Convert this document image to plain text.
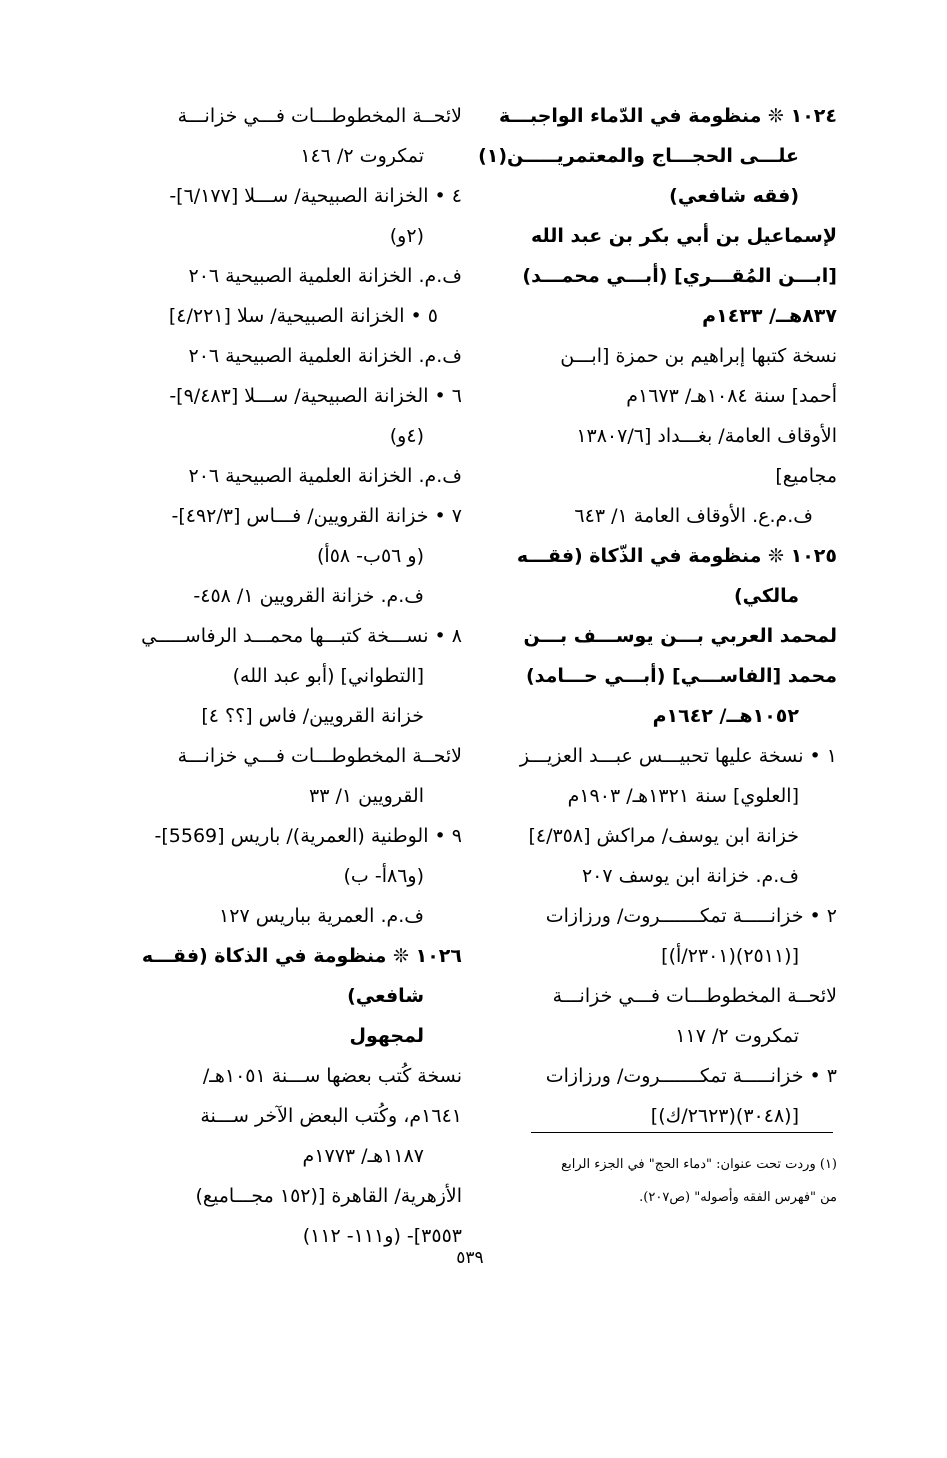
١٠٢٤ ❊ منظومة في الدّماء الواجبـــة
علـــى الحجـــاج والمعتمريـــــن(١)
(فقه شافعي)
لإسماعيل بن أبي بكر بن عبد الله
[ابـــن المُقـــري] (أبـــي محمـــد)
٨٣٧هــ/ ١٤٣٣م
نسخة كتبها إبراهيم بن حمزة [ابـــن
أحمد] سنة ١٠٨٤هـ/ ١٦٧٣م
الأوقاف العامة/ بغـــداد [١٣٨٠٧/٦
مجاميع]
ف.م.ع. الأوقاف العامة ١/ ٦٤٣
١٠٢٥ ❊ منظومة في الذّكاة (فقـــه
مالكي)
لمحمد العربي بـــن يوســـف بـــن
محمد [الفاســـي] (أبـــي حـــامد)
١٠٥٢هــ/ ١٦٤٢م
١ • نسخة عليها تحبيـــس عبـــد العزيـــز
[العلوي] سنة ١٣٢١هـ/ ١٩٠٣م
خزانة ابن يوسف/ مراكش [٤/٣٥٨]
ف.م. خزانة ابن يوسف ٢٠٧
٢ • خزانـــــة تمكـــــــروت/ ورزازات
[(٢٥١١)(٢٣٠١/أ)]
لائحــة المخطوطـــات فـــي خزانـــة
تمكروت ٢/ ١١٧
٣ • خزانـــــة تمكـــــــروت/ ورزازات
[(٣٠٤٨)(٢٦٢٣/ك)]
لائحــة المخطوطـــات فـــي خزانـــة
تمكروت ٢/ ١٤٦
٤ • الخزانة الصبيحية/ ســـلا [٦/١٧٧]-
(٢و)
ف.م. الخزانة العلمية الصبيحية ٢٠٦
٥ • الخزانة الصبيحية/ سلا [٤/٢٢١]
ف.م. الخزانة العلمية الصبيحية ٢٠٦
٦ • الخزانة الصبيحية/ ســـلا [٩/٤٨٣]-
(٤و)
ف.م. الخزانة العلمية الصبيحية ٢٠٦
٧ • خزانة القرويين/ فـــاس [٤٩٢/٣]-
(و ٥٦ب- ٥٨أ)
ف.م. خزانة القرويين ١/ ٤٥٨-
٨ • نســـخة كتبـــها محمـــد الرفاســـــي
[التطواني] (أبو عبد الله)
خزانة القرويين/ فاس [؟؟ ٤]
لائحــة المخطوطـــات فـــي خزانـــة
القرويين ١/ ٣٣
٩ • الوطنية (العمرية)/ باريس [5569]-
(و٨٦أ- ب)
ف.م. العمرية بباريس ١٢٧
١٠٢٦ ❊ منظومة في الذكاة (فقـــه
شافعي)
لمجهول
نسخة كُتب بعضها ســـنة ١٠٥١هـ/
١٦٤١م، وكُتب البعض الآخر ســـنة
١١٨٧هـ/ ١٧٧٣م
الأزهرية/ القاهرة [(١٥٢ مجـــاميع)
٣٥٥٣]- (و١١١- ١١٢)
(١) وردت تحت عنوان: "دماء الحج" في الجزء الرابع
من "فهرس الفقه وأصوله" (ص٢٠٧).
٥٣٩
